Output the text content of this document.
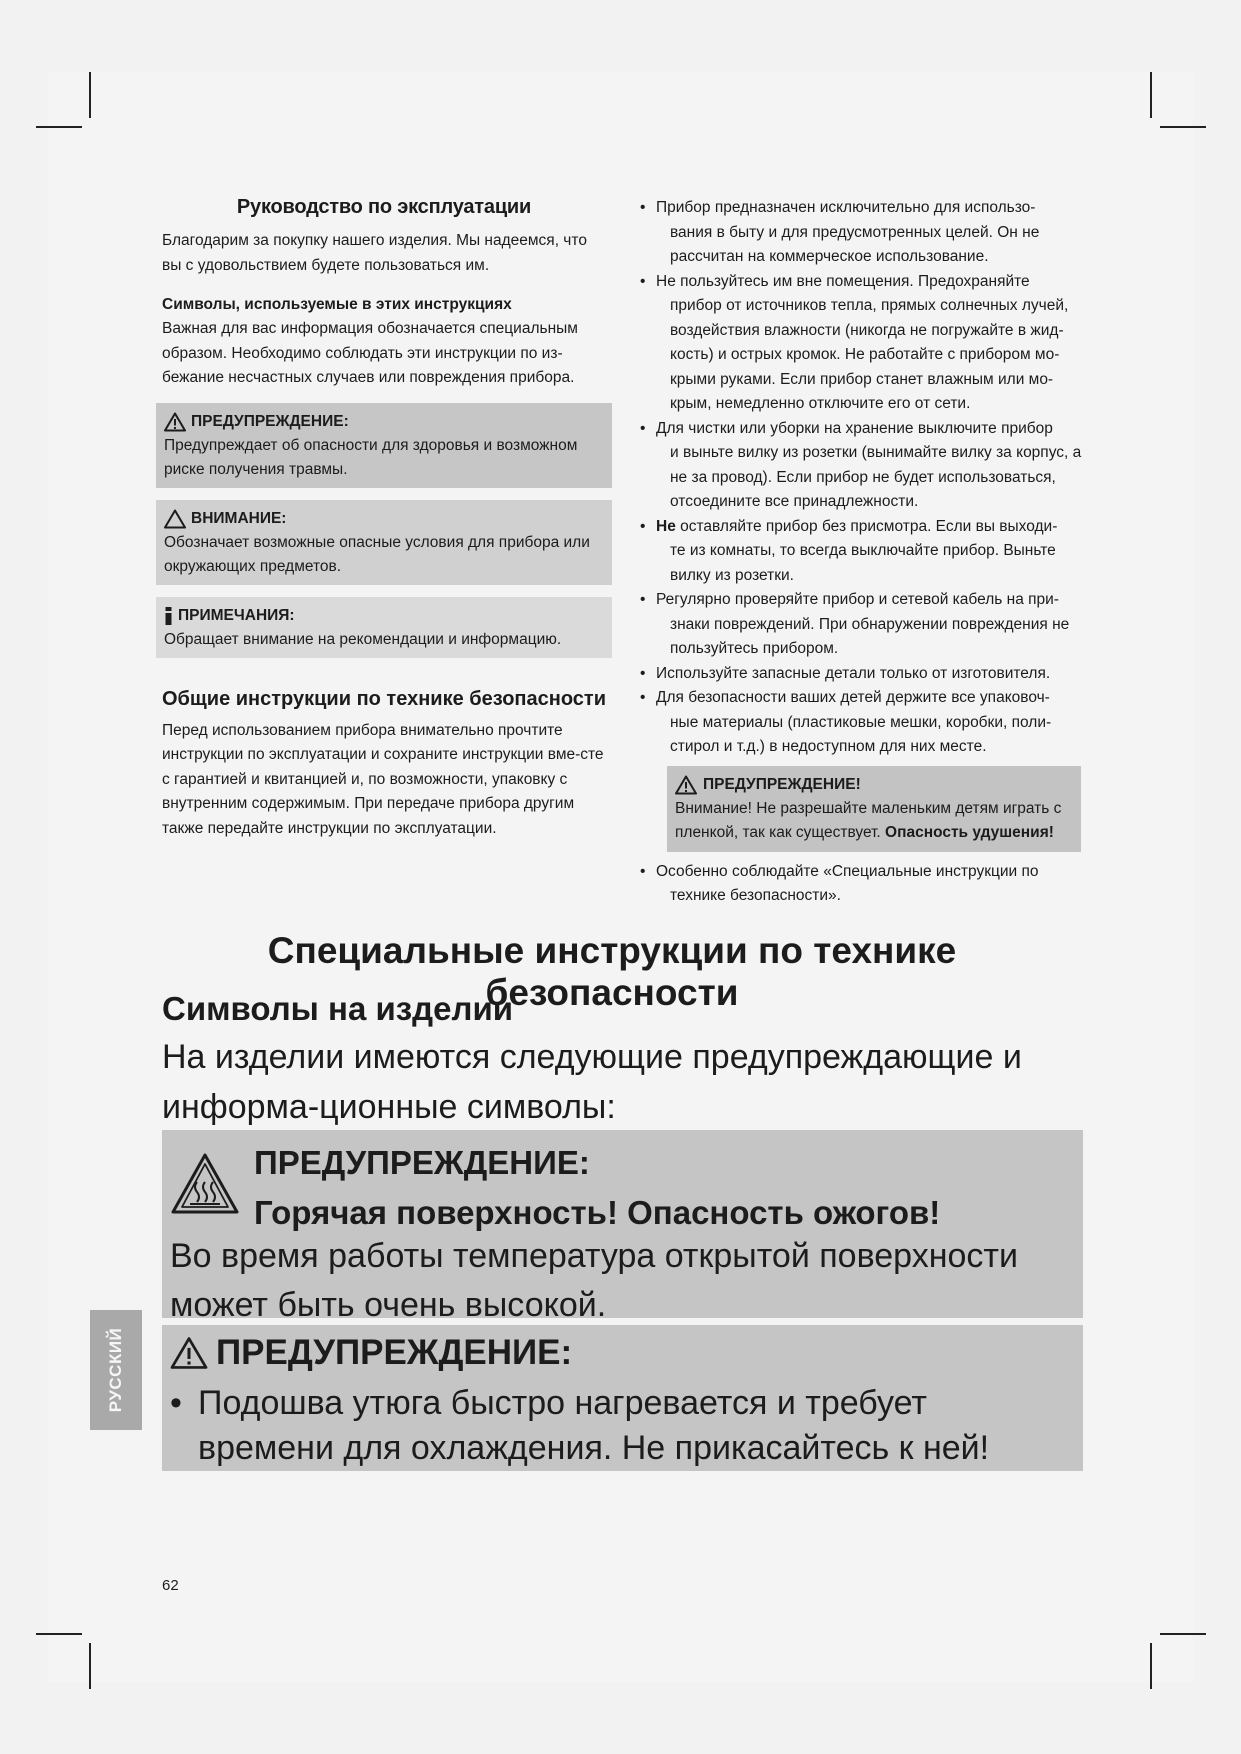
Руководство по эксплуатации

Благодарим за покупку нашего изделия. Мы надеемся, что вы с удовольствием будете пользоваться им.

Символы, используемые в этих инструкциях

Важная для вас информация обозначается специальным образом. Необходимо соблюдать эти инструкции по из-бежание несчастных случаев или повреждения прибора.

ПРЕДУПРЕЖДЕНИЕ:
Предупреждает об опасности для здоровья и возможном риске получения травмы.
ВНИМАНИЕ:
Обозначает возможные опасные условия для прибора или окружающих предметов.
ПРИМЕЧАНИЯ:
Обращает внимание на рекомендации и информацию.
Общие инструкции по технике безопасности

Перед использованием прибора внимательно прочтите инструкции по эксплуатации и сохраните инструкции вме-сте с гарантией и квитанцией и, по возможности, упаковку с внутренним содержимым. При передаче прибора другим также передайте инструкции по эксплуатации.

• Прибор предназначен исключительно для использо-
вания в быту и для предусмотренных целей. Он не рассчитан на коммерческое использование.
• Не пользуйтесь им вне помещения. Предохраняйте
прибор от источников тепла, прямых солнечных лучей, воздействия влажности (никогда не погружайте в жид-кость) и острых кромок. Не работайте с прибором мо-крыми руками. Если прибор станет влажным или мо-крым, немедленно отключите его от сети.
• Для чистки или уборки на хранение выключите прибор
и выньте вилку из розетки (вынимайте вилку за корпус, а не за провод). Если прибор не будет использоваться, отсоедините все принадлежности.
• Не оставляйте прибор без присмотра. Если вы выходи-
те из комнаты, то всегда выключайте прибор. Выньте вилку из розетки.
• Регулярно проверяйте прибор и сетевой кабель на при-
знаки повреждений. При обнаружении повреждения не пользуйтесь прибором.
• Используйте запасные детали только от изготовителя.
• Для безопасности ваших детей держите все упаковоч-
ные материалы (пластиковые мешки, коробки, поли-стирол и т.д.) в недоступном для них месте.
ПРЕДУПРЕЖДЕНИЕ!
Внимание! Не разрешайте маленьким детям играть с пленкой, так как существует. Опасность удушения!
• Особенно соблюдайте «Специальные инструкции по
технике безопасности».
Специальные инструкции по технике безопасности
Символы на изделии
На изделии имеются следующие предупреждающие и информа-ционные символы:
ПРЕДУПРЕЖДЕНИЕ:
Горячая поверхность! Опасность ожогов!
Во время работы температура открытой поверхности может быть очень высокой.
ПРЕДУПРЕЖДЕНИЕ:
• Подошва утюга быстро нагревается и требует времени для охлаждения. Не прикасайтесь к ней!
РУССКИЙ
62
